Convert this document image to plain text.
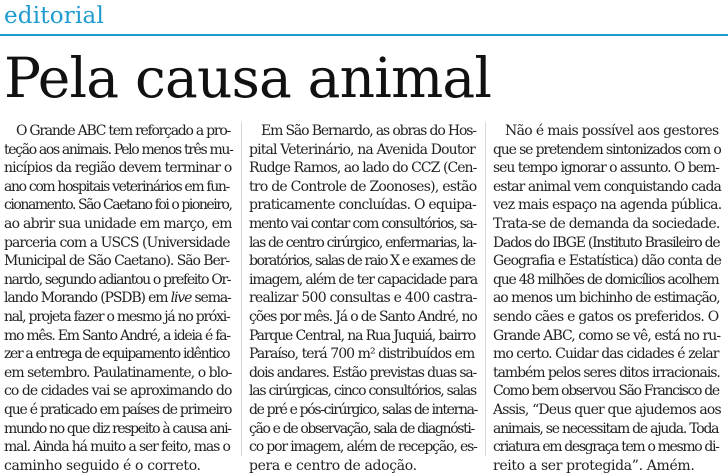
editorial
Pela causa animal

O Grande ABC tem reforçado a pro-
teção aos animais. Pelo menos três mu-
nicípios da região devem terminar o
ano com hospitais veterinários em fun-
cionamento. São Caetano foi o pioneiro,
ao abrir sua unidade em março, em
parceria com a USCS (Universidade
Municipal de São Caetano). São Ber-
nardo, segundo adiantou o prefeito Or-
lando Morando (PSDB) em live sema-
nal, projeta fazer o mesmo já no próxi-
mo mês. Em Santo André, a ideia é fa-
zer a entrega de equipamento idêntico
em setembro. Paulatinamente, o blo-
co de cidades vai se aproximando do
que é praticado em países de primeiro
mundo no que diz respeito à causa ani-
mal. Ainda há muito a ser feito, mas o
caminho seguido é o correto.

Em São Bernardo, as obras do Hos-
pital Veterinário, na Avenida Doutor
Rudge Ramos, ao lado do CCZ (Cen-
tro de Controle de Zoonoses), estão
praticamente concluídas. O equipa-
mento vai contar com consultórios, sa-
las de centro cirúrgico, enfermarias, la-
boratórios, salas de raio X e exames de
imagem, além de ter capacidade para
realizar 500 consultas e 400 castra-
ções por mês. Já o de Santo André, no
Parque Central, na Rua Juquiá, bairro
Paraíso, terá 700 m² distribuídos em
dois andares. Estão previstas duas sa-
las cirúrgicas, cinco consultórios, salas
de pré e pós-cirúrgico, salas de interna-
ção e de observação, sala de diagnósti-
co por imagem, além de recepção, es-
pera e centro de adoção.

Não é mais possível aos gestores
que se pretendem sintonizados com o
seu tempo ignorar o assunto. O bem-
estar animal vem conquistando cada
vez mais espaço na agenda pública.
Trata-se de demanda da sociedade.
Dados do IBGE (Instituto Brasileiro de
Geografia e Estatística) dão conta de
que 48 milhões de domicílios acolhem
ao menos um bichinho de estimação,
sendo cães e gatos os preferidos. O
Grande ABC, como se vê, está no ru-
mo certo. Cuidar das cidades é zelar
também pelos seres ditos irracionais.
Como bem observou São Francisco de
Assis, “Deus quer que ajudemos aos
animais, se necessitam de ajuda. Toda
criatura em desgraça tem o mesmo di-
reito a ser protegida”. Amém.
